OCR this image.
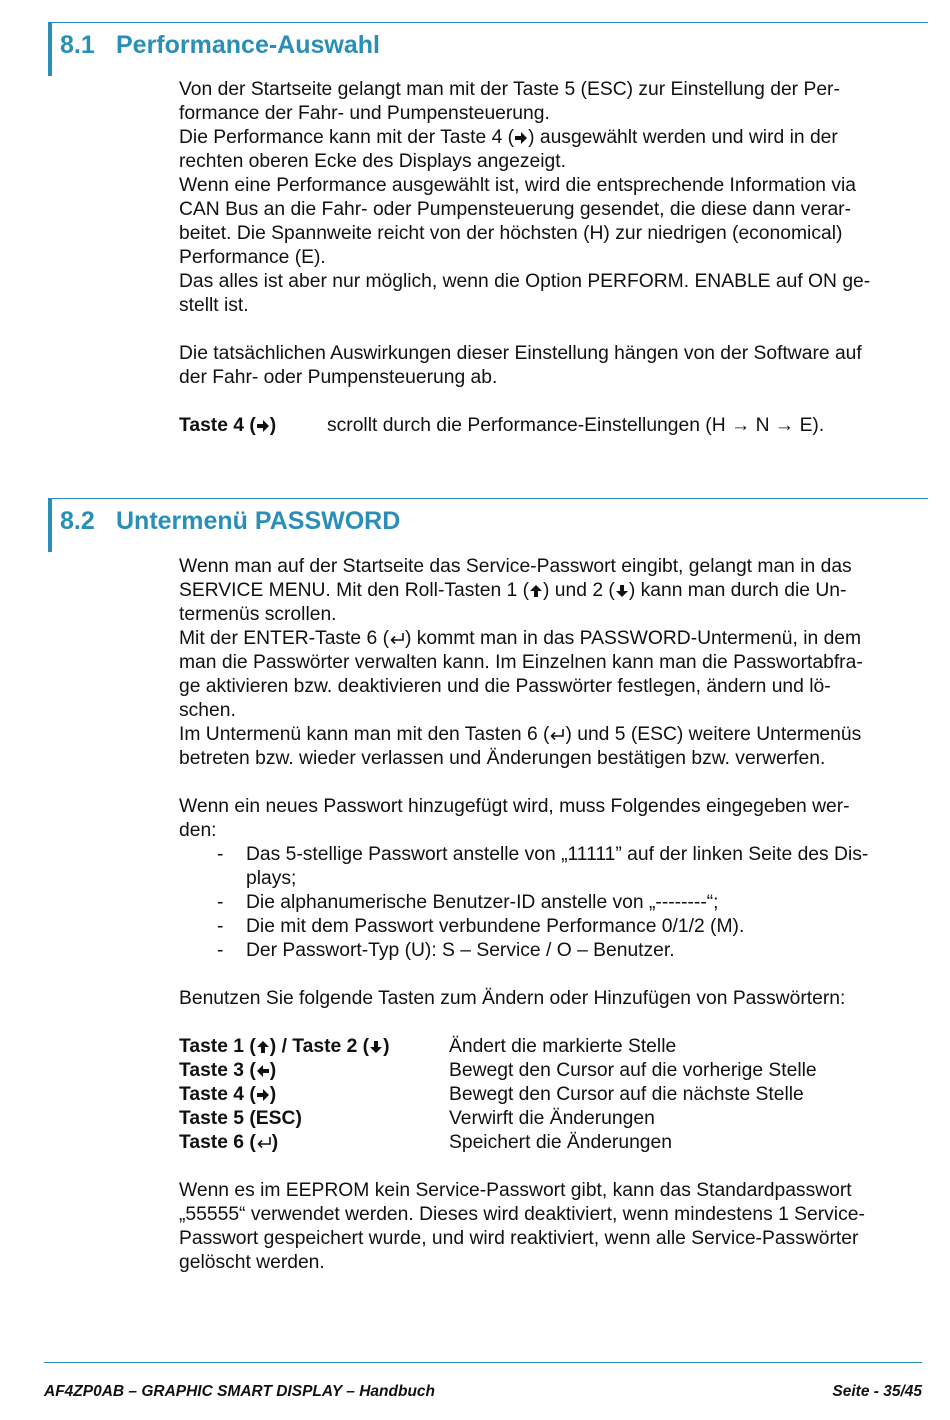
8.1 Performance-Auswahl

Von der Startseite gelangt man mit der Taste 5 (ESC) zur Einstellung der Per-
formance der Fahr- und Pumpensteuerung.
Die Performance kann mit der Taste 4 ( ) ausgewählt werden und wird in der
rechten oberen Ecke des Displays angezeigt.
Wenn eine Performance ausgewählt ist, wird die entsprechende Information via
CAN Bus an die Fahr- oder Pumpensteuerung gesendet, die diese dann verar-
beitet. Die Spannweite reicht von der höchsten (H) zur niedrigen (economical)
Performance (E).
Das alles ist aber nur möglich, wenn die Option PERFORM. ENABLE auf ON ge-
stellt ist.

Die tatsächlichen Auswirkungen dieser Einstellung hängen von der Software auf
der Fahr- oder Pumpensteuerung ab.

Taste 4 ( )	scrollt durch die Performance-Einstellungen (H → N → E).
8.2 Untermenü PASSWORD

Wenn man auf der Startseite das Service-Passwort eingibt, gelangt man in das
SERVICE MENU. Mit den Roll-Tasten 1 ( ) und 2 ( ) kann man durch die Un-
termenüs scrollen.
Mit der ENTER-Taste 6 ( ) kommt man in das PASSWORD-Untermenü, in dem
man die Passwörter verwalten kann. Im Einzelnen kann man die Passwortabfra-
ge aktivieren bzw. deaktivieren und die Passwörter festlegen, ändern und lö-
schen.
Im Untermenü kann man mit den Tasten 6 ( ) und 5 (ESC) weitere Untermenüs
betreten bzw. wieder verlassen und Änderungen bestätigen bzw. verwerfen.

Wenn ein neues Passwort hinzugefügt wird, muss Folgendes eingegeben wer-
den:

- Das 5-stellige Passwort anstelle von „11111” auf der linken Seite des Dis-
plays;
- Die alphanumerische Benutzer-ID anstelle von „--------“;
- Die mit dem Passwort verbundene Performance 0/1/2 (M).
- Der Passwort-Typ (U): S – Service / O – Benutzer.

Benutzen Sie folgende Tasten zum Ändern oder Hinzufügen von Passwörtern:

Taste 1 ( ) / Taste 2 ( )	Ändert die markierte Stelle
Taste 3 ( )	Bewegt den Cursor auf die vorherige Stelle
Taste 4 ( )	Bewegt den Cursor auf die nächste Stelle
Taste 5 (ESC)	Verwirft die Änderungen
Taste 6 ( )	Speichert die Änderungen

Wenn es im EEPROM kein Service-Passwort gibt, kann das Standardpasswort
„55555“ verwendet werden. Dieses wird deaktiviert, wenn mindestens 1 Service-
Passwort gespeichert wurde, und wird reaktiviert, wenn alle Service-Passwörter
gelöscht werden.

AF4ZP0AB – GRAPHIC SMART DISPLAY – Handbuch	Seite - 35/45
